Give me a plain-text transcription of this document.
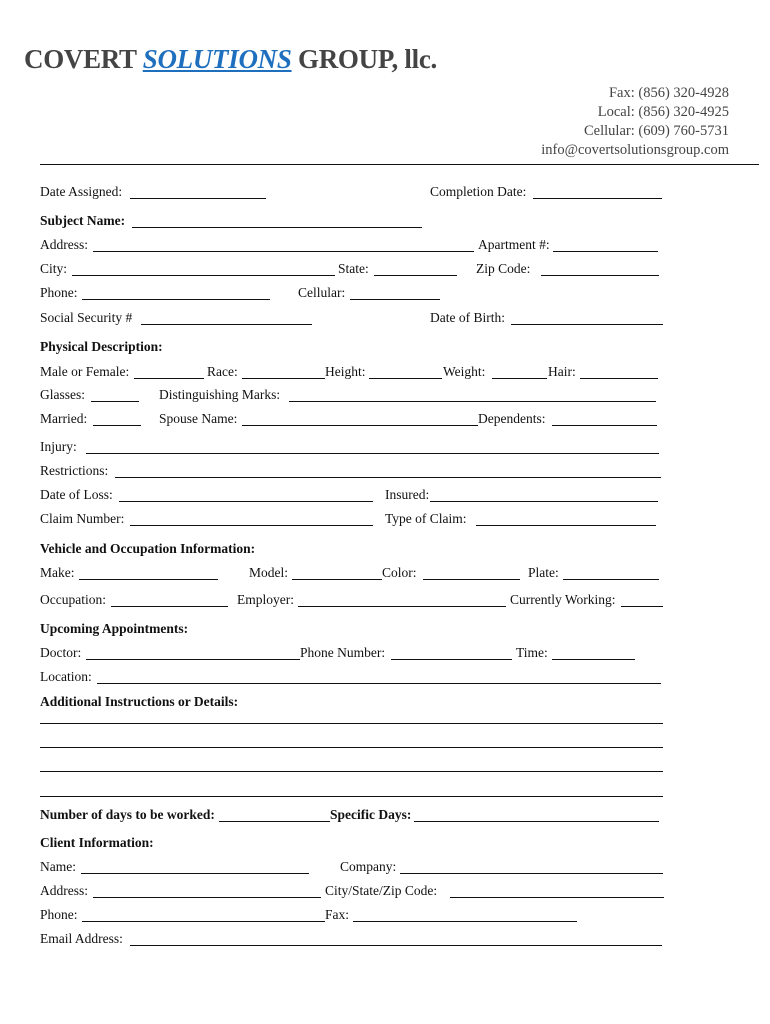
COVERT SOLUTIONS GROUP, llc.
Fax: (856) 320-4928
Local: (856) 320-4925
Cellular: (609) 760-5731
info@covertsolutionsgroup.com
Date Assigned:	Completion Date:
Subject Name:
Address:	Apartment #:
City:	State:	Zip Code:
Phone:	Cellular:
Social Security #	Date of Birth:
Physical Description:
Male or Female:	Race:	Height:	Weight:	Hair:
Glasses:	Distinguishing Marks:
Married:	Spouse Name:	Dependents:
Injury:
Restrictions:
Date of Loss:	Insured:
Claim Number:	Type of Claim:
Vehicle and Occupation Information:
Make:	Model:	Color:	Plate:
Occupation:	Employer:	Currently Working:
Upcoming Appointments:
Doctor:	Phone Number:	Time:
Location:
Additional Instructions or Details:
Number of days to be worked:	Specific Days:
Client Information:
Name:	Company:
Address:	City/State/Zip Code:
Phone:	Fax:
Email Address:
